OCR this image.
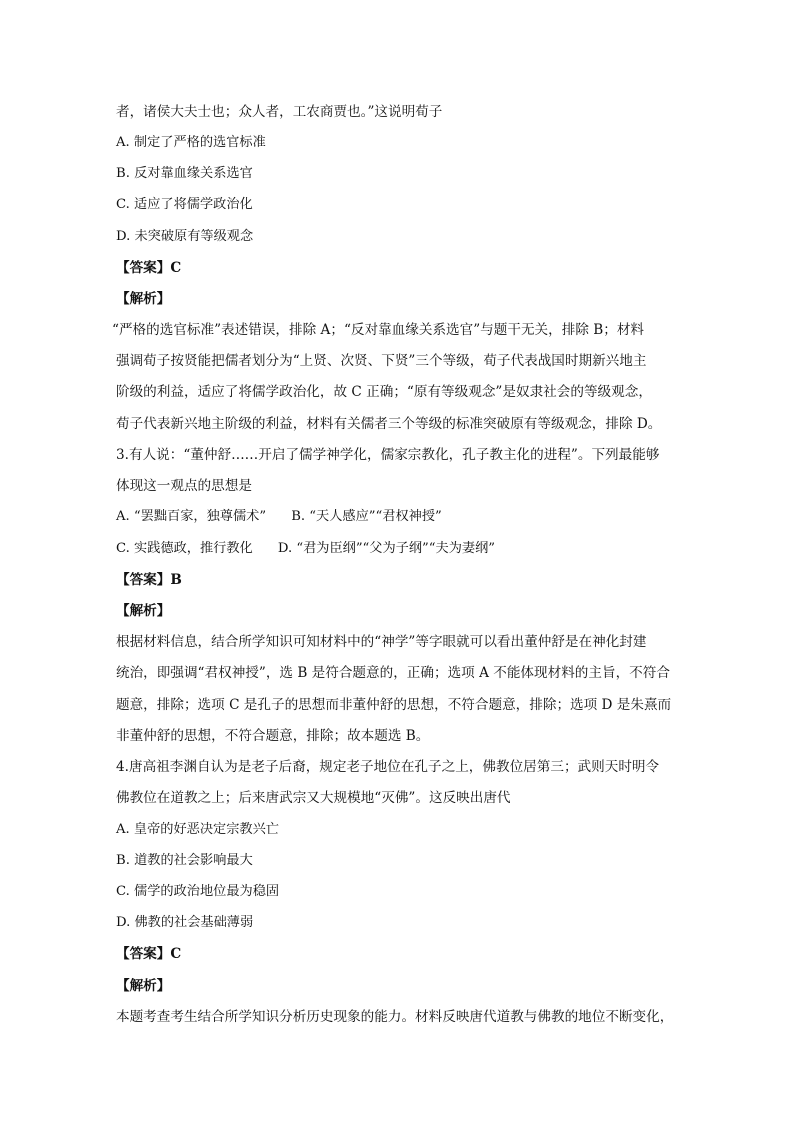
者，诸侯大夫士也；众人者，工农商贾也。”这说明荀子
A. 制定了严格的选官标准
B. 反对靠血缘关系选官
C. 适应了将儒学政治化
D. 未突破原有等级观念
【答案】C
【解析】
“严格的选官标准”表述错误，排除 A；“反对靠血缘关系选官”与题干无关，排除 B；材料
强调荀子按贤能把儒者划分为“上贤、次贤、下贤”三个等级，荀子代表战国时期新兴地主
阶级的利益，适应了将儒学政治化，故 C 正确；“原有等级观念”是奴隶社会的等级观念，
荀子代表新兴地主阶级的利益，材料有关儒者三个等级的标准突破原有等级观念，排除 D。
3.有人说：“董仲舒……开启了儒学神学化，儒家宗教化，孔子教主化的进程”。下列最能够
体现这一观点的思想是
A. “罢黜百家，独尊儒术”      B. “天人感应”“君权神授”
C. 实践德政，推行教化      D. “君为臣纲”“父为子纲”“夫为妻纲”
【答案】B
【解析】
根据材料信息，结合所学知识可知材料中的“神学”等字眼就可以看出董仲舒是在神化封建
统治，即强调“君权神授”，选 B 是符合题意的，正确；选项 A 不能体现材料的主旨，不符合
题意，排除；选项 C 是孔子的思想而非董仲舒的思想，不符合题意，排除；选项 D 是朱熹而
非董仲舒的思想，不符合题意，排除；故本题选 B。
4.唐高祖李渊自认为是老子后裔，规定老子地位在孔子之上，佛教位居第三；武则天时明令
佛教位在道教之上；后来唐武宗又大规模地“灭佛”。这反映出唐代
A. 皇帝的好恶决定宗教兴亡
B. 道教的社会影响最大
C. 儒学的政治地位最为稳固
D. 佛教的社会基础薄弱
【答案】C
【解析】
本题考查考生结合所学知识分析历史现象的能力。材料反映唐代道教与佛教的地位不断变化，
